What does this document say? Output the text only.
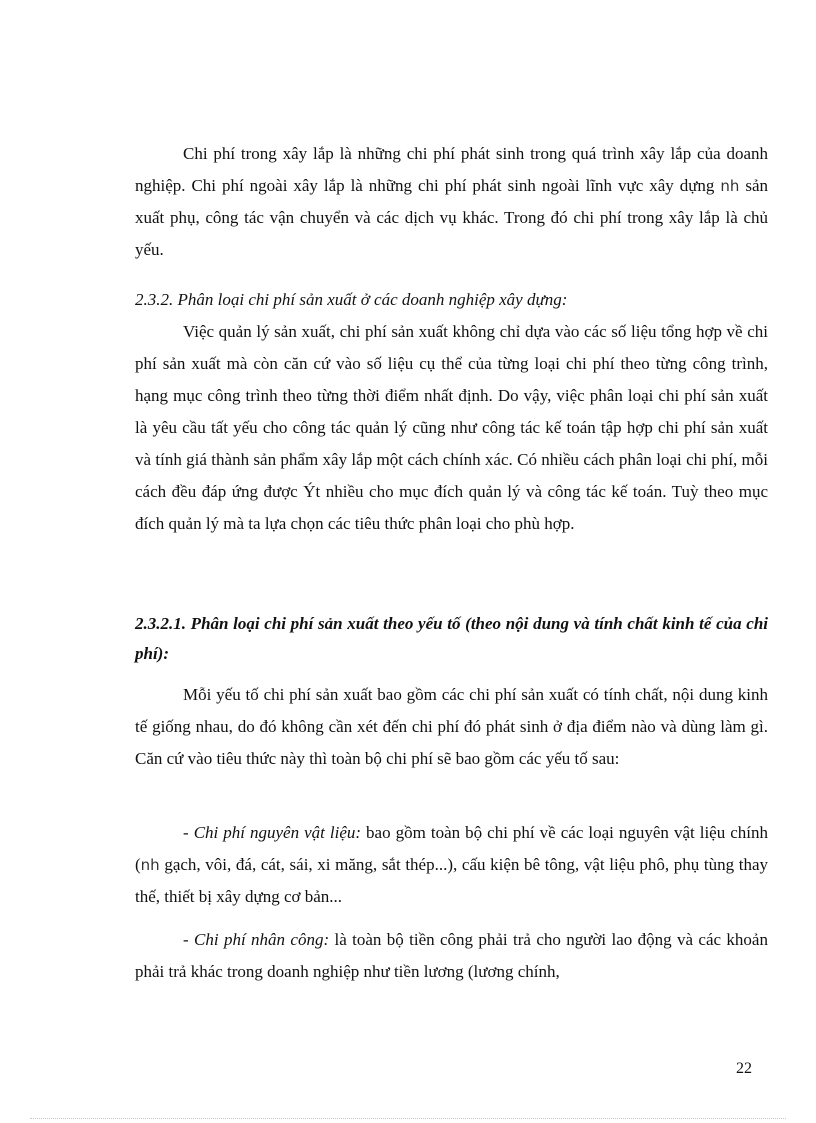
Chi phí trong xây lắp là những chi phí phát sinh trong quá trình xây lắp của doanh nghiệp. Chi phí ngoài xây lắp là những chi phí phát sinh ngoài lĩnh vực xây dựng nh sản xuất phụ, công tác vận chuyển và các dịch vụ khác. Trong đó chi phí trong xây lắp là chủ yếu.

2.3.2. Phân loại chi phí sản xuất ở các doanh nghiệp xây dựng:

Việc quản lý sản xuất, chi phí sản xuất không chỉ dựa vào các số liệu tổng hợp về chi phí sản xuất mà còn căn cứ vào số liệu cụ thể của từng loại chi phí theo từng công trình, hạng mục công trình theo từng thời điểm nhất định. Do vậy, việc phân loại chi phí sản xuất là yêu cầu tất yếu cho công tác quản lý cũng như công tác kế toán tập hợp chi phí sản xuất và tính giá thành sản phẩm xây lắp một cách chính xác. Có nhiều cách phân loại chi phí, mỗi cách đều đáp ứng được Ýt nhiều cho mục đích quản lý và công tác kế toán. Tuỳ theo mục đích quản lý mà ta lựa chọn các tiêu thức phân loại cho phù hợp.

2.3.2.1. Phân loại chi phí sản xuất theo yếu tố (theo nội dung và tính chất kinh tế của chi phí):

Mỗi yếu tố chi phí sản xuất bao gồm các chi phí sản xuất có tính chất, nội dung kinh tế giống nhau, do đó không cần xét đến chi phí đó phát sinh ở địa điểm nào và dùng làm gì. Căn cứ vào tiêu thức này thì toàn bộ chi phí sẽ bao gồm các yếu tố sau:

- Chi phí nguyên vật liệu: bao gồm toàn bộ chi phí về các loại nguyên vật liệu chính (nh gạch, vôi, đá, cát, sái, xi măng, sắt thép...), cấu kiện bê tông, vật liệu phô, phụ tùng thay thế, thiết bị xây dựng cơ bản...

- Chi phí nhân công: là toàn bộ tiền công phải trả cho người lao động và các khoản phải trả khác trong doanh nghiệp như tiền lương (lương chính,

22
